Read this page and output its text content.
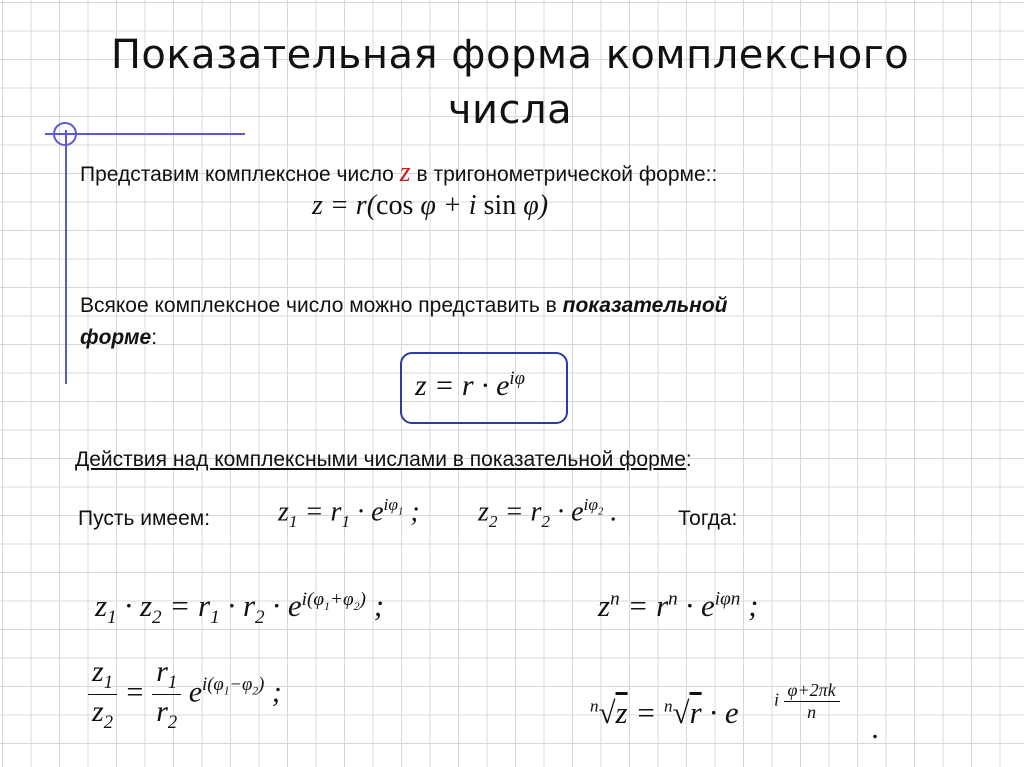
Показательная форма комплексного
числа
Представим комплексное число z в тригонометрической форме::
z = r(cos φ + i sin φ)
Всякое комплексное число можно представить в показательной
форме:
$z = r \cdot e^{i\varphi}$
Действия над комплексными числами в показательной форме:
Пусть имеем: $z_1 = r_1 \cdot e^{i\varphi_1}$ ; $z_2 = r_2 \cdot e^{i\varphi_2}$ .	Тогда:
$z_1 \cdot z_2 = r_1 \cdot r_2 \cdot e^{i(\varphi_1+\varphi_2)}$ ;	$z^n = r^n \cdot e^{i\varphi n}$ ;
$\frac{z_1}{z_2} = \frac{r_1}{r_2} e^{i(\varphi_1-\varphi_2)}$ ;	$^n$√z = $^n$√r · e i $\frac{\varphi+2\pi k}{n}$
.
